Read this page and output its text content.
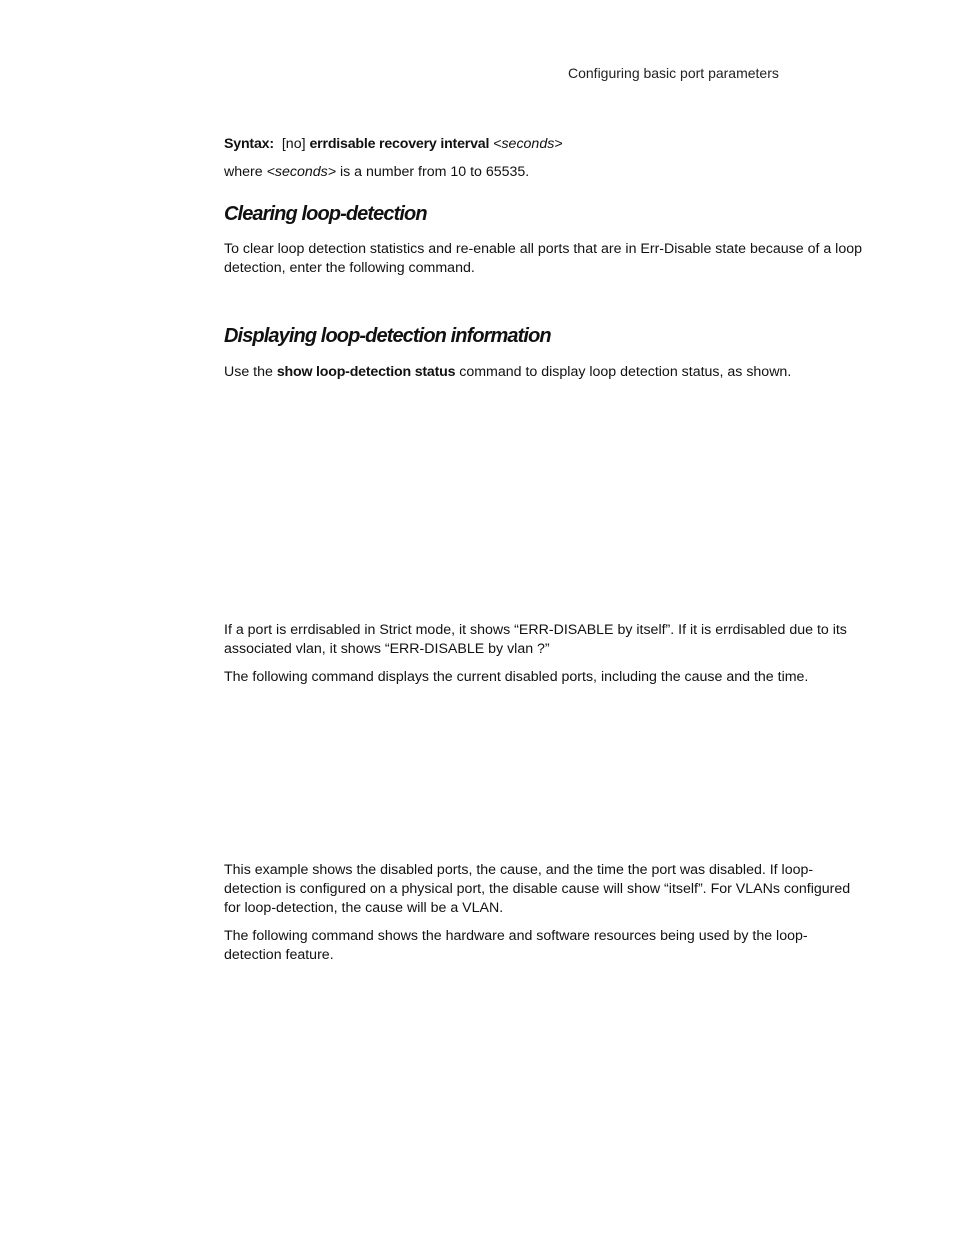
Configuring basic port parameters
Syntax: [no] errdisable recovery interval <seconds>
where <seconds> is a number from 10 to 65535.
Clearing loop-detection
To clear loop detection statistics and re-enable all ports that are in Err-Disable state because of a loop detection, enter the following command.
Displaying loop-detection information
Use the show loop-detection status command to display loop detection status, as shown.
If a port is errdisabled in Strict mode, it shows “ERR-DISABLE by itself”. If it is errdisabled due to its associated vlan, it shows “ERR-DISABLE by vlan ?”
The following command displays the current disabled ports, including the cause and the time.
This example shows the disabled ports, the cause, and the time the port was disabled. If loop-detection is configured on a physical port, the disable cause will show “itself”. For VLANs configured for loop-detection, the cause will be a VLAN.
The following command shows the hardware and software resources being used by the loop-detection feature.
